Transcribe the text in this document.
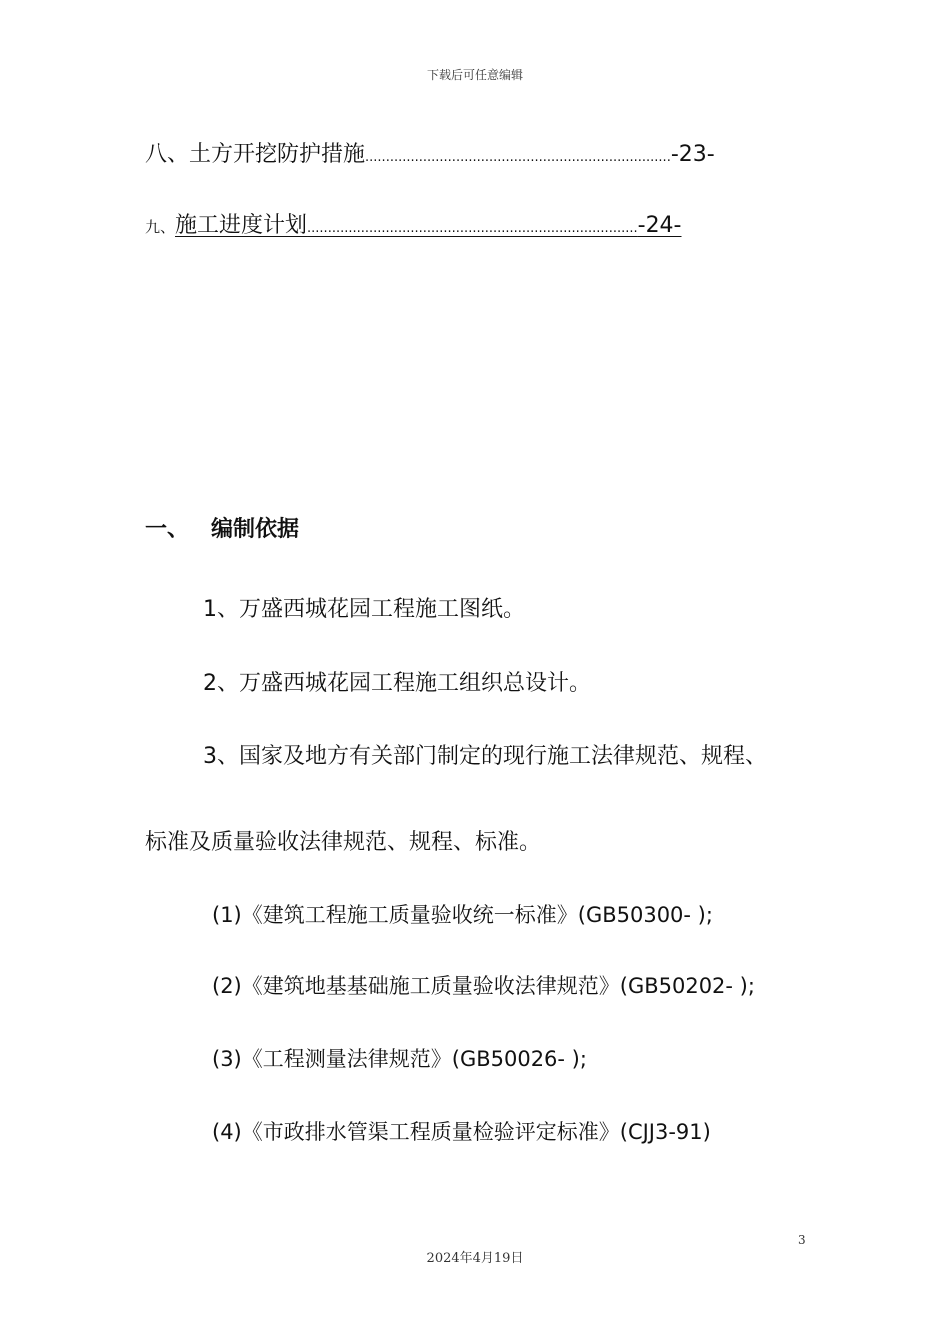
下载后可任意编辑
八、 土方开挖防护措施 .......................................................................... -23-
九、 施工进度计划................................................................................-24-
一、 编制依据
1、万盛西城花园工程施工图纸。
2、万盛西城花园工程施工组织总设计。
3、国家及地方有关部门制定的现行施工法律规范、规程、
标准及质量验收法律规范、规程、标准。
(1)《建筑工程施工质量验收统一标准》(GB50300- );
(2)《建筑地基基础施工质量验收法律规范》(GB50202- );
(3)《工程测量法律规范》(GB50026- );
(4)《市政排水管渠工程质量检验评定标准》(CJJ3-91)
3
2024年4月19日
